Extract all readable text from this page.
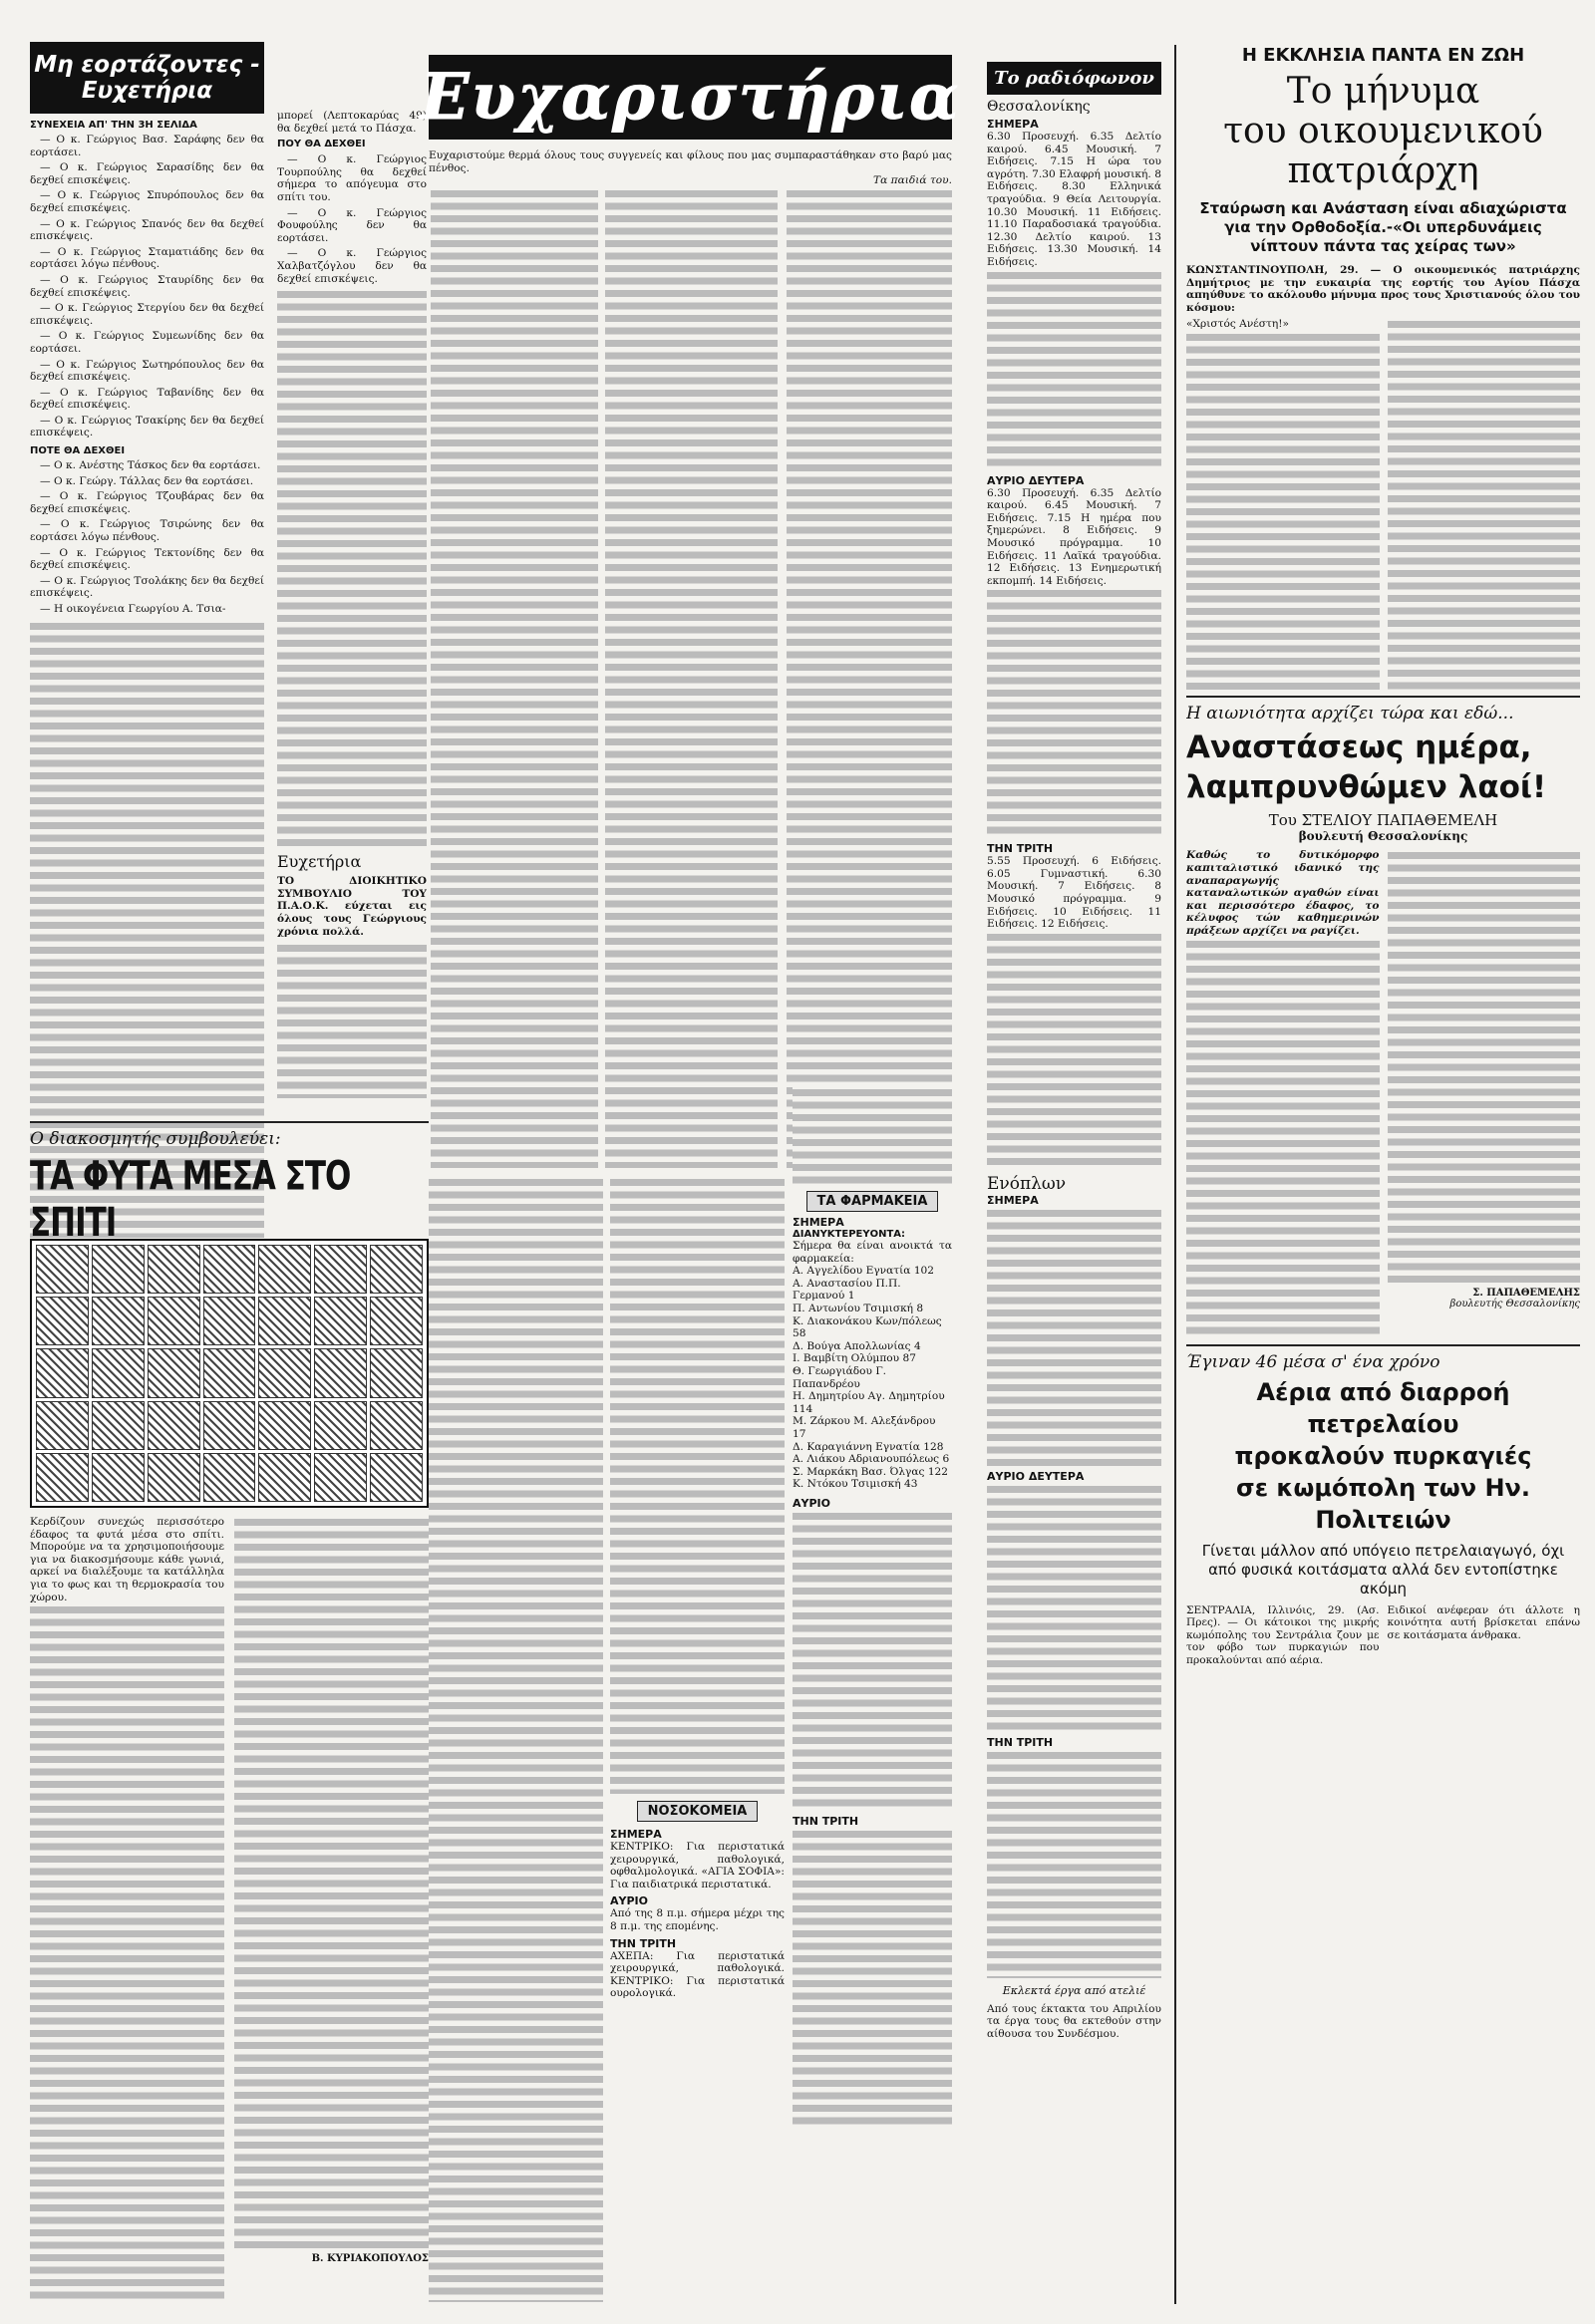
Μη εορτάζοντες - Ευχετήρια
ΣΥΝΕΧΕΙΑ ΑΠ' ΤΗΝ 3Η ΣΕΛΙΔΑ

— Ο κ. Γεώργιος Βασ. Σαράφης δεν θα εορτάσει.

— Ο κ. Γεώργιος Σαρασίδης δεν θα δεχθεί επισκέψεις.

— Ο κ. Γεώργιος Σπυρόπουλος δεν θα δεχθεί επισκέψεις.

— Ο κ. Γεώργιος Σπανός δεν θα δεχθεί επισκέψεις.

— Ο κ. Γεώργιος Σταματιάδης δεν θα εορτάσει λόγω πένθους.

— Ο κ. Γεώργιος Σταυρίδης δεν θα δεχθεί επισκέψεις.

— Ο κ. Γεώργιος Στεργίου δεν θα δεχθεί επισκέψεις.

— Ο κ. Γεώργιος Συμεωνίδης δεν θα εορτάσει.

— Ο κ. Γεώργιος Σωτηρόπουλος δεν θα δεχθεί επισκέψεις.

— Ο κ. Γεώργιος Ταβανίδης δεν θα δεχθεί επισκέψεις.

— Ο κ. Γεώργιος Τσακίρης δεν θα δεχθεί επισκέψεις.

ΠΟΤΕ ΘΑ ΔΕΧΘΕΙ

— Ο κ. Ανέστης Τάσκος δεν θα εορτάσει.

— Ο κ. Γεώργ. Τάλλας δεν θα εορτάσει.

— Ο κ. Γεώργιος Τζουβάρας δεν θα δεχθεί επισκέψεις.

— Ο κ. Γεώργιος Τσιρώνης δεν θα εορτάσει λόγω πένθους.

— Ο κ. Γεώργιος Τεκτονίδης δεν θα δεχθεί επισκέψεις.

— Ο κ. Γεώργιος Τσολάκης δεν θα δεχθεί επισκέψεις.

— Η οικογένεια Γεωργίου Α. Τσια-

μπορεί (Λεπτοκαρύας 49) θα δεχθεί μετά το Πάσχα.
ΠΟΥ ΘΑ ΔΕΧΘΕΙ

— Ο κ. Γεώργιος Τουρπούλης θα δεχθεί σήμερα το απόγευμα στο σπίτι του.

— Ο κ. Γεώργιος Φουφούλης δεν θα εορτάσει.

— Ο κ. Γεώργιος Χαλβατζόγλου δεν θα δεχθεί επισκέψεις.

Ευχετήρια
ΤΟ ΔΙΟΙΚΗΤΙΚΟ ΣΥΜΒΟΥΛΙΟ ΤΟΥ Π.Α.Ο.Κ. εύχεται εις όλους τους Γεώργιους χρόνια πολλά.
Ο διακοσμητής συμβουλεύει:
ΤΑ ΦΥΤΑ ΜΕΣΑ ΣΤΟ ΣΠΙΤΙ
Κερδίζουν συνεχώς περισσότερο έδαφος τα φυτά μέσα στο σπίτι. Μπορούμε να τα χρησιμοποιήσουμε για να διακοσμήσουμε κάθε γωνιά, αρκεί να διαλέξουμε τα κατάλληλα για το φως και τη θερμοκρασία του χώρου.
Β. ΚΥΡΙΑΚΟΠΟΥΛΟΣ
Ευχαριστήρια
Ευχαριστούμε θερμά όλους τους συγγενείς και φίλους που μας συμπαραστάθηκαν στο βαρύ μας πένθος.
Τα παιδιά του.
ΝΟΣΟΚΟΜΕΙΑ
ΣΗΜΕΡΑ
ΚΕΝΤΡΙΚΟ: Για περιστατικά χειρουργικά, παθολογικά, οφθαλμολογικά. «ΑΓΙΑ ΣΟΦΙΑ»: Για παιδιατρικά περιστατικά.
ΑΥΡΙΟ
Από της 8 π.μ. σήμερα μέχρι της 8 π.μ. της επομένης.
ΤΗΝ ΤΡΙΤΗ
ΑΧΕΠΑ: Για περιστατικά χειρουργικά, παθολογικά. ΚΕΝΤΡΙΚΟ: Για περιστατικά ουρολογικά.
ΤΑ ΦΑΡΜΑΚΕΙΑ
ΣΗΜΕΡΑ
ΔΙΑΝΥΚΤΕΡΕΥΟΝΤΑ:
Σήμερα θα είναι ανοικτά τα φαρμακεία:
Α. Αγγελίδου Εγνατία 102
Α. Αναστασίου Π.Π. Γερμανού 1
Π. Αντωνίου Τσιμισκή 8
Κ. Διακονάκου Κων/πόλεως 58
Δ. Βούγα Απολλωνίας 4
Ι. Βαμβίτη Ολύμπου 87
Θ. Γεωργιάδου Γ. Παπανδρέου
Η. Δημητρίου Αγ. Δημητρίου 114
Μ. Ζάρκου Μ. Αλεξάνδρου 17
Δ. Καραγιάννη Εγνατία 128
Α. Λιάκου Αδριανουπόλεως 6
Σ. Μαρκάκη Βασ. Όλγας 122
Κ. Ντόκου Τσιμισκή 43
ΑΥΡΙΟ
ΤΗΝ ΤΡΙΤΗ
Το ραδιόφωνον
Θεσσαλονίκης
ΣΗΜΕΡΑ
6.30 Προσευχή. 6.35 Δελτίο καιρού. 6.45 Μουσική. 7 Ειδήσεις. 7.15 Η ώρα του αγρότη. 7.30 Ελαφρή μουσική. 8 Ειδήσεις. 8.30 Ελληνικά τραγούδια. 9 Θεία Λειτουργία. 10.30 Μουσική. 11 Ειδήσεις. 11.10 Παραδοσιακά τραγούδια. 12.30 Δελτίο καιρού. 13 Ειδήσεις. 13.30 Μουσική. 14 Ειδήσεις.
ΑΥΡΙΟ ΔΕΥΤΕΡΑ
6.30 Προσευχή. 6.35 Δελτίο καιρού. 6.45 Μουσική. 7 Ειδήσεις. 7.15 Η ημέρα που ξημερώνει. 8 Ειδήσεις. 9 Μουσικό πρόγραμμα. 10 Ειδήσεις. 11 Λαϊκά τραγούδια. 12 Ειδήσεις. 13 Ενημερωτική εκπομπή. 14 Ειδήσεις.
ΤΗΝ ΤΡΙΤΗ
5.55 Προσευχή. 6 Ειδήσεις. 6.05 Γυμναστική. 6.30 Μουσική. 7 Ειδήσεις. 8 Μουσικό πρόγραμμα. 9 Ειδήσεις. 10 Ειδήσεις. 11 Ειδήσεις. 12 Ειδήσεις.
Ενόπλων
ΣΗΜΕΡΑ
ΑΥΡΙΟ ΔΕΥΤΕΡΑ
ΤΗΝ ΤΡΙΤΗ
Εκλεκτά έργα από ατελιέ
Από τους έκτακτα του Απριλίου τα έργα τους θα εκτεθούν στην αίθουσα του Συνδέσμου.
Η ΕΚΚΛΗΣΙΑ ΠΑΝΤΑ ΕΝ ΖΩΗ
Το μήνυμα
του οικουμενικού
πατριάρχη
Σταύρωση και Ανάσταση είναι αδιαχώριστα για την Ορθοδοξία.-«Οι υπερδυνάμεις νίπτουν πάντα τας χείρας των»
ΚΩΝΣΤΑΝΤΙΝΟΥΠΟΛΗ, 29. — Ο οικουμενικός πατριάρχης Δημήτριος με την ευκαιρία της εορτής του Αγίου Πάσχα απηύθυνε το ακόλουθο μήνυμα προς τους Χριστιανούς όλου του κόσμου:
«Χριστός Ανέστη!»
Η αιωνιότητα αρχίζει τώρα και εδώ...
Αναστάσεως ημέρα,
λαμπρυνθώμεν λαοί!
Του ΣΤΕΛΙΟΥ ΠΑΠΑΘΕΜΕΛΗ
βουλευτή Θεσσαλονίκης
Καθώς το δυτικόμορφο καπιταλιστικό ιδανικό της αναπαραγωγής καταναλωτικών αγαθών είναι και περισσότερο έδαφος, το κέλυφος τών καθημερινών πράξεων αρχίζει να ραγίζει.
Σ. ΠΑΠΑΘΕΜΕΛΗΣ
βουλευτής Θεσσαλονίκης
Έγιναν 46 μέσα σ' ένα χρόνο
Αέρια από διαρροή πετρελαίου
προκαλούν πυρκαγιές
σε κωμόπολη των Ην. Πολιτειών
Γίνεται μάλλον από υπόγειο πετρελαιαγωγό, όχι από φυσικά κοιτάσματα αλλά δεν εντοπίστηκε ακόμη
ΣΕΝΤΡΑΛΙΑ, Ιλλινόις, 29. (Ασ. Πρες). — Οι κάτοικοι της μικρής κωμόπολης του Σεντράλια ζουν με τον φόβο των πυρκαγιών που προκαλούνται από αέρια.
Ειδικοί ανέφεραν ότι άλλοτε η κοινότητα αυτή βρίσκεται επάνω σε κοιτάσματα άνθρακα.
